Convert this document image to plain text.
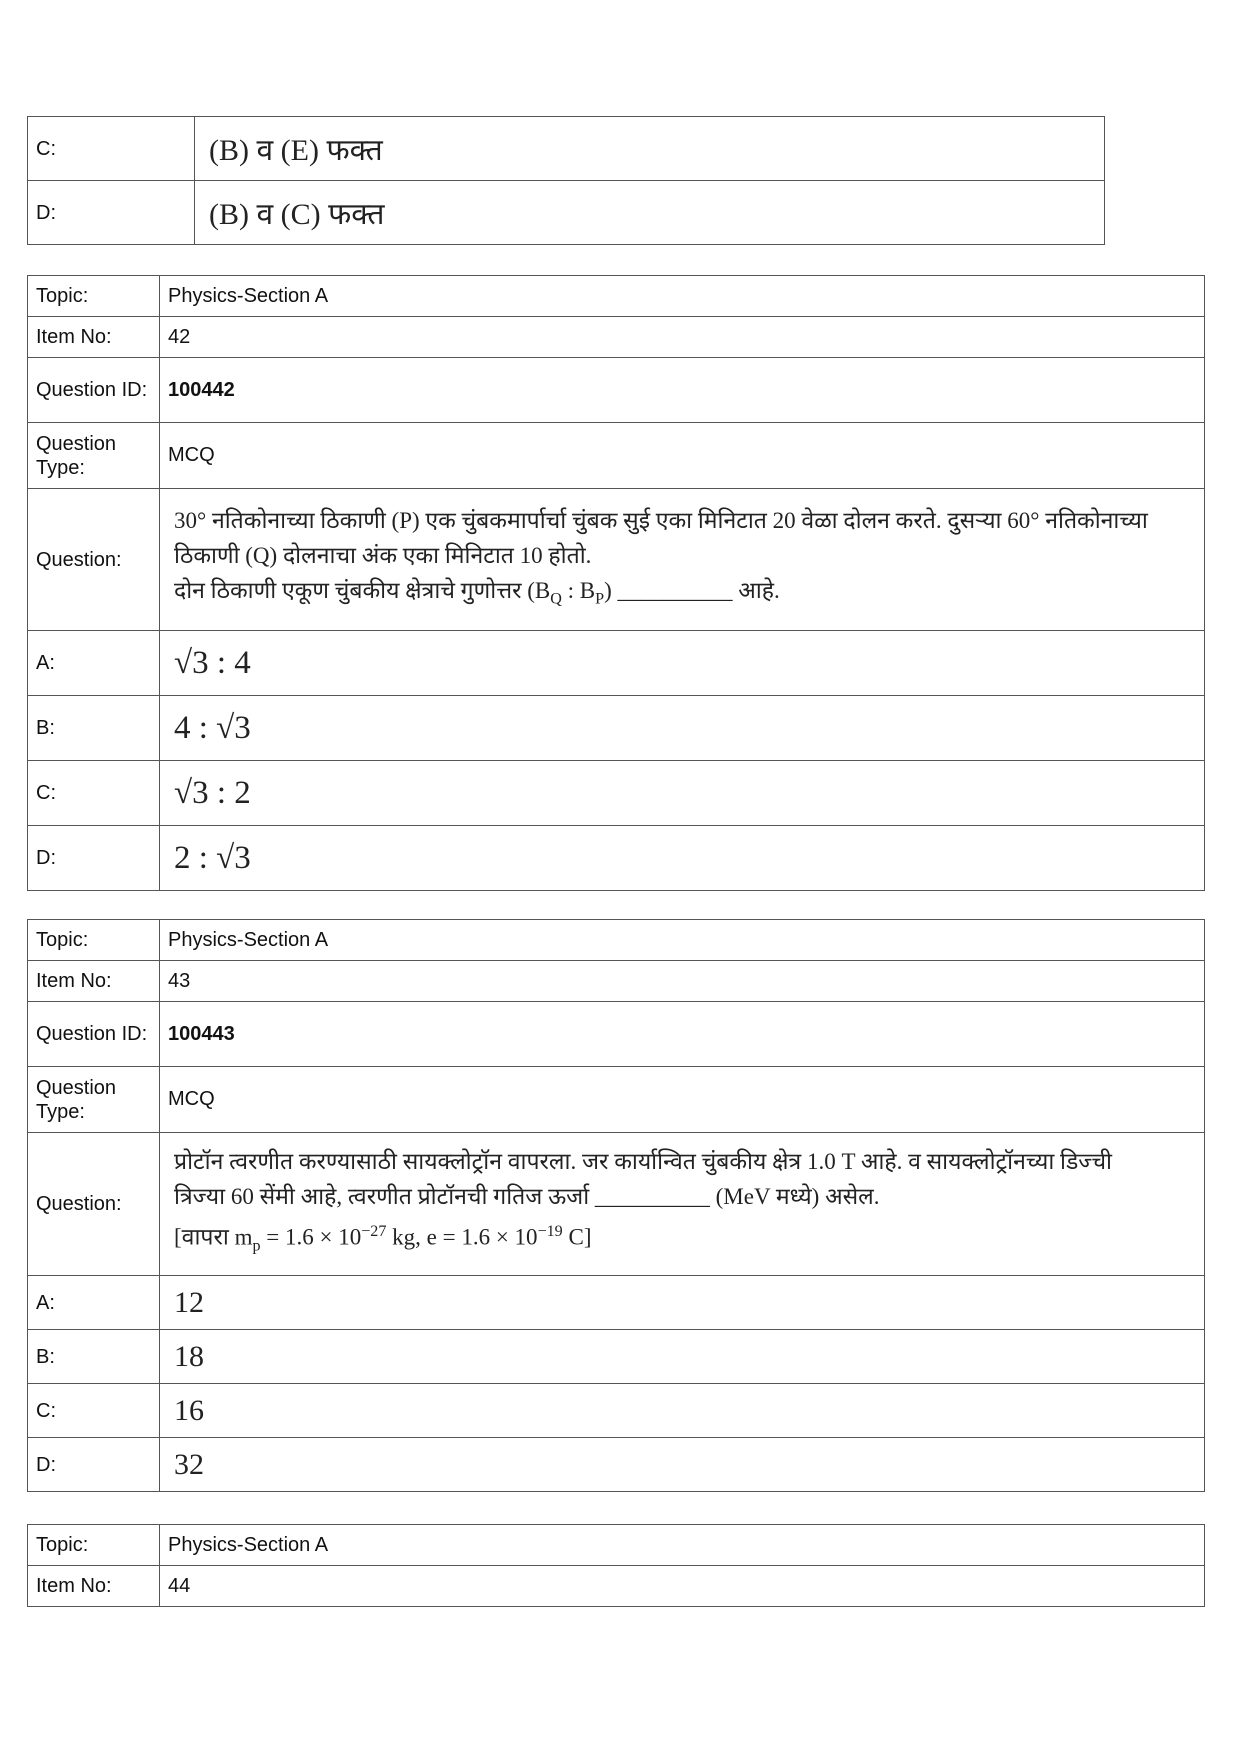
C:	(B) व (E) फक्त
D:	(B) व (C) फक्त
Topic:	Physics-Section A
Item No:	42
Question ID:	100442
Question Type:	MCQ
Question:	30° नतिकोनाच्या ठिकाणी (P) एक चुंबकमार्पार्चा चुंबक सुई एका मिनिटात 20 वेळा दोलन करते. दुसऱ्या 60° नतिकोनाच्या
ठिकाणी (Q) दोलनाचा अंक एका मिनिटात 10 होतो.
दोन ठिकाणी एकूण चुंबकीय क्षेत्राचे गुणोत्तर ($B_Q$ : $B_P$) __________ आहे.

A:	√3 : 4
B:	4 : √3
C:	√3 : 2
D:	2 : √3
Topic:	Physics-Section A
Item No:	43
Question ID:	100443
Question Type:	MCQ
Question:	प्रोटॉन त्वरणीत करण्यासाठी सायक्लोट्रॉन वापरला. जर कार्यान्वित चुंबकीय क्षेत्र 1.0 T आहे. व सायक्लोट्रॉनच्या डिज्ची
त्रिज्या 60 सेंमी आहे, त्वरणीत प्रोटॉनची गतिज ऊर्जा __________ (MeV मध्ये) असेल.
[वापरा $m_p = 1.6 \times 10^{-27}$ kg, $e = 1.6 \times 10^{-19}$ C]

A:	12
B:	18
C:	16
D:	32
Topic:	Physics-Section A
Item No:	44
